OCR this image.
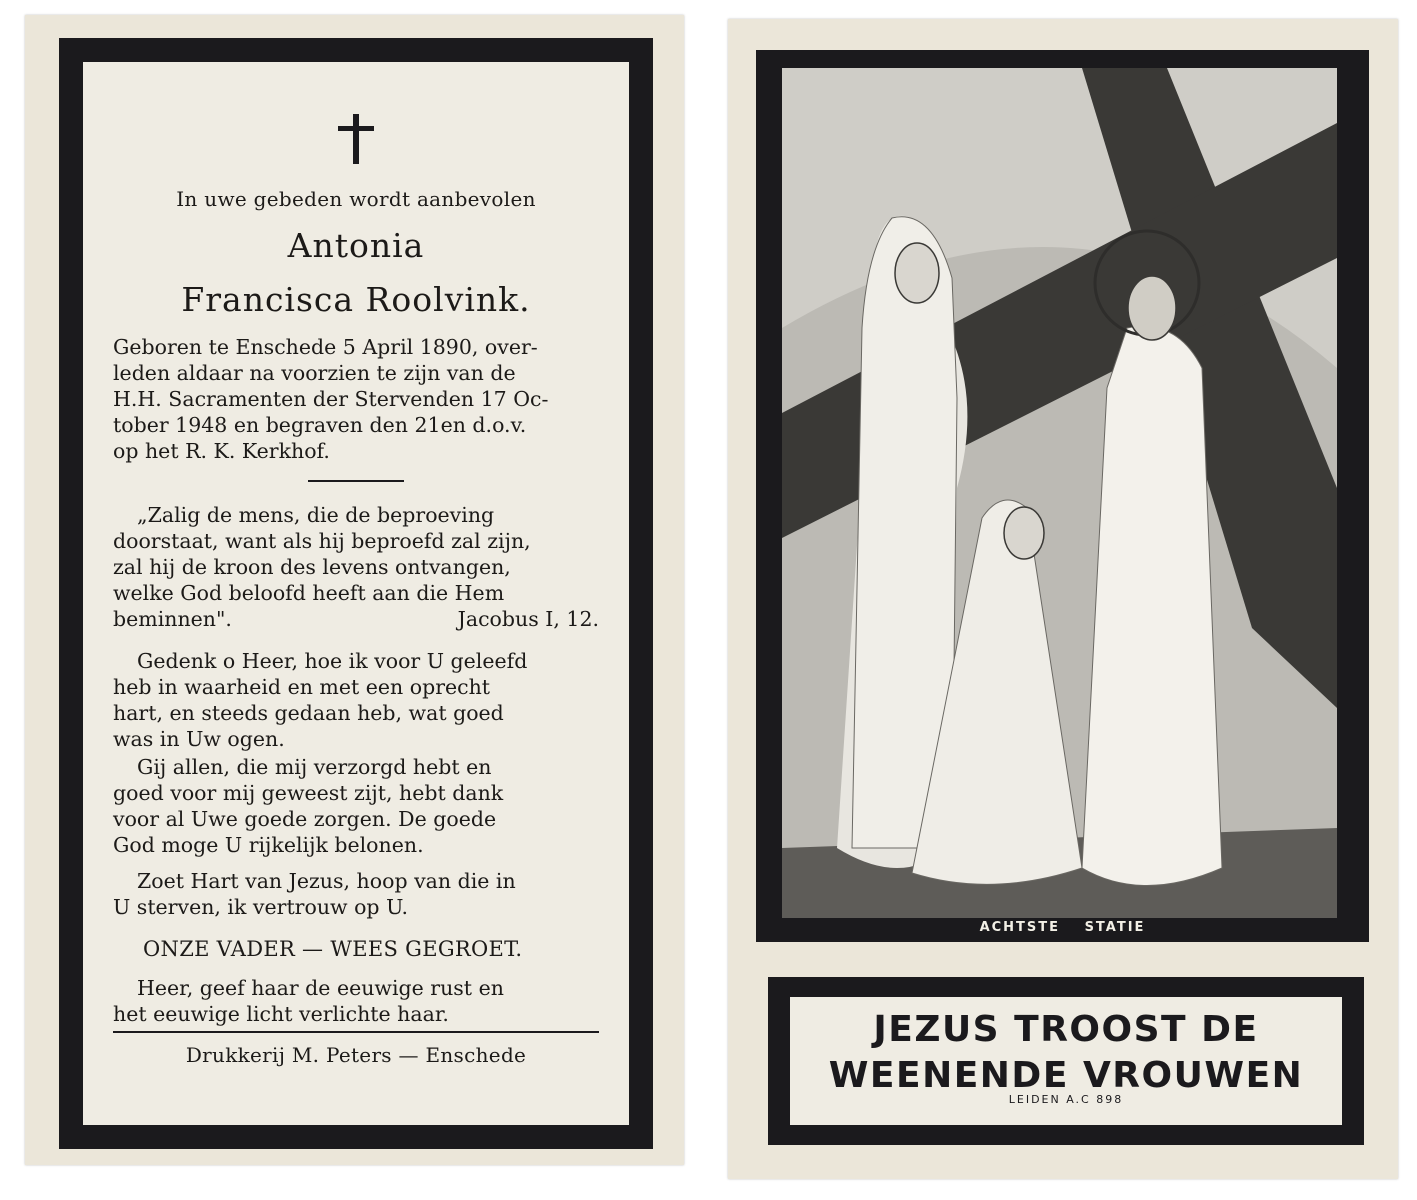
In uwe gebeden wordt aanbevolen
Antonia
Francisca Roolvink.
Geboren te Enschede 5 April 1890, over-
leden aldaar na voorzien te zijn van de
H.H. Sacramenten der Stervenden 17 Oc-
tober 1948 en begraven den 21en d.o.v.
op het R. K. Kerkhof.
„Zalig de mens, die de beproeving
doorstaat, want als hij beproefd zal zijn,
zal hij de kroon des levens ontvangen,
welke God beloofd heeft aan die Hem
beminnen".	Jacobus I, 12.
Gedenk o Heer, hoe ik voor U geleefd
heb in waarheid en met een oprecht
hart, en steeds gedaan heb, wat goed
was in Uw ogen.
Gij allen, die mij verzorgd hebt en
goed voor mij geweest zijt, hebt dank
voor al Uwe goede zorgen. De goede
God moge U rijkelijk belonen.
Zoet Hart van Jezus, hoop van die in
U sterven, ik vertrouw op U.
ONZE VADER — WEES GEGROET.
Heer, geef haar de eeuwige rust en
het eeuwige licht verlichte haar.
Drukkerij M. Peters — Enschede
ACHTSTE STATIE
JEZUS TROOST DE
WEENENDE VROUWEN
LEIDEN A.C 898
